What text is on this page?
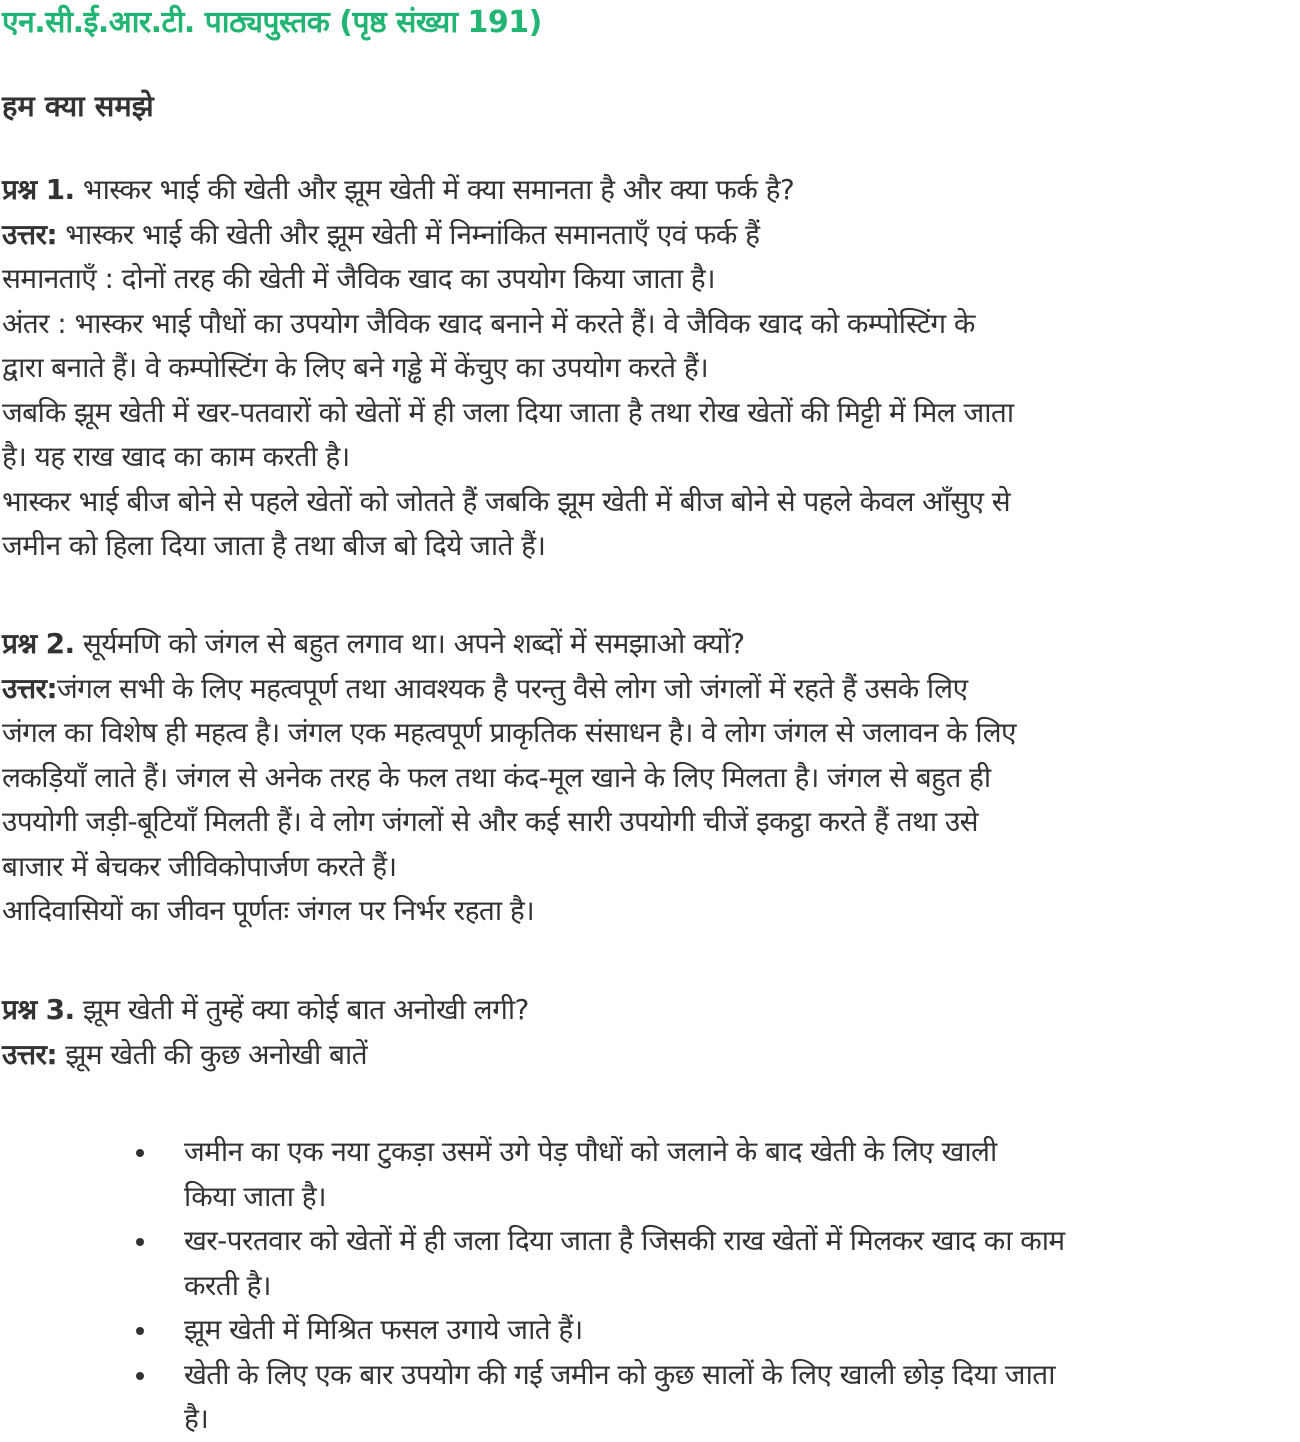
एन.सी.ई.आर.टी. पाठ्यपुस्तक (पृष्ठ संख्या 191)
हम क्या समझे
प्रश्न 1. भास्कर भाई की खेती और झूम खेती में क्या समानता है और क्या फर्क है?
उत्तर: भास्कर भाई की खेती और झूम खेती में निम्नांकित समानताएँ एवं फर्क हैं
समानताएँ : दोनों तरह की खेती में जैविक खाद का उपयोग किया जाता है।
अंतर : भास्कर भाई पौधों का उपयोग जैविक खाद बनाने में करते हैं। वे जैविक खाद को कम्पोस्टिंग के
द्वारा बनाते हैं। वे कम्पोस्टिंग के लिए बने गड्ढे में केंचुए का उपयोग करते हैं।
जबकि झूम खेती में खर-पतवारों को खेतों में ही जला दिया जाता है तथा रोख खेतों की मिट्टी में मिल जाता
है। यह राख खाद का काम करती है।
भास्कर भाई बीज बोने से पहले खेतों को जोतते हैं जबकि झूम खेती में बीज बोने से पहले केवल आँसुए से
जमीन को हिला दिया जाता है तथा बीज बो दिये जाते हैं।
प्रश्न 2. सूर्यमणि को जंगल से बहुत लगाव था। अपने शब्दों में समझाओ क्यों?
उत्तर:जंगल सभी के लिए महत्वपूर्ण तथा आवश्यक है परन्तु वैसे लोग जो जंगलों में रहते हैं उसके लिए
जंगल का विशेष ही महत्व है। जंगल एक महत्वपूर्ण प्राकृतिक संसाधन है। वे लोग जंगल से जलावन के लिए
लकड़ियाँ लाते हैं। जंगल से अनेक तरह के फल तथा कंद-मूल खाने के लिए मिलता है। जंगल से बहुत ही
उपयोगी जड़ी-बूटियाँ मिलती हैं। वे लोग जंगलों से और कई सारी उपयोगी चीजें इकट्ठा करते हैं तथा उसे
बाजार में बेचकर जीविकोपार्जण करते हैं।
आदिवासियों का जीवन पूर्णतः जंगल पर निर्भर रहता है।
प्रश्न 3. झूम खेती में तुम्हें क्या कोई बात अनोखी लगी?
उत्तर: झूम खेती की कुछ अनोखी बातें
जमीन का एक नया टुकड़ा उसमें उगे पेड़ पौधों को जलाने के बाद खेती के लिए खाली
किया जाता है।
खर-परतवार को खेतों में ही जला दिया जाता है जिसकी राख खेतों में मिलकर खाद का काम
करती है।
झूम खेती में मिश्रित फसल उगाये जाते हैं।
खेती के लिए एक बार उपयोग की गई जमीन को कुछ सालों के लिए खाली छोड़ दिया जाता
है।
